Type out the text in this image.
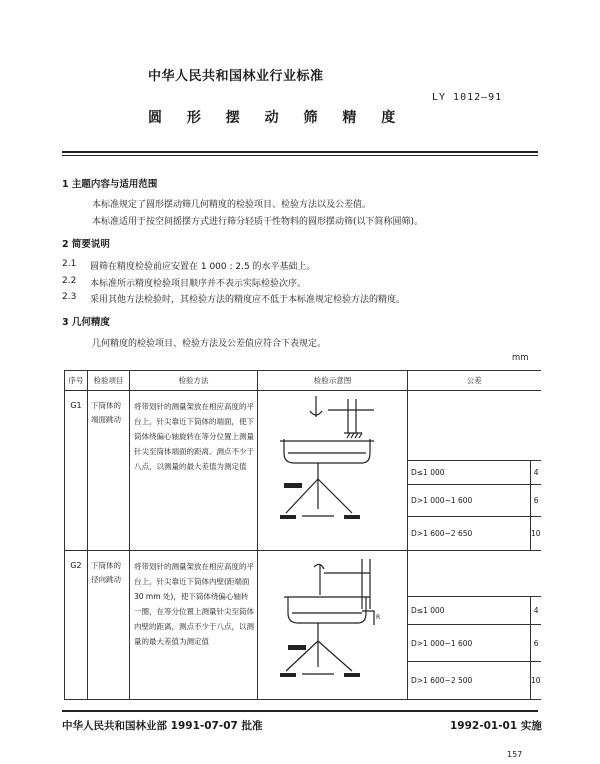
中华人民共和国林业行业标准
LY 1012—91
圆 形 摆 动 筛 精 度
1 主题内容与适用范围
本标准规定了圆形摆动筛几何精度的检验项目、检验方法以及公差值。
本标准适用于按空间摇摆方式进行筛分轻质干性物料的圆形摆动筛(以下简称圆筛)。
2 简要说明
2.1 圆筛在精度检验前应安置在 1 000 : 2.5 的水平基础上。
2.2 本标准所示精度检验项目顺序并不表示实际检验次序。
2.3 采用其他方法检验时，其检验方法的精度应不低于本标准规定检验方法的精度。
3 几何精度
几何精度的检验项目、检验方法及公差值应符合下表规定。
mm
序号	检验项目	检验方法	检验示意图	公差	
G1	下筒体的端面跳动	将带划针的测量架放在相应高度的平台上，针尖靠近下筒体的端面，使下筒体绕偏心轴旋转在等分位置上测量针尖至筒体端面的距离。测点不少于八点，以测量的最大差值为测定值		
				D≤1 000	4
				D>1 000~1 600	6
				D>1 600~2 650	10
G2	下筒体的径向跳动	将带划针的测量架放在相应高度的平台上，针尖靠近下筒体内壁(距端面 30 mm 处)，使下筒体绕偏心轴转一圈，在等分位置上测量针尖至筒体内壁的距离，测点不少于八点，以测量的最大差值为测定值	R		

				D≤1 000	4
				D>1 000~1 600	6
				D>1 600~2 500	10
中华人民共和国林业部 1991-07-07 批准	1992-01-01 实施
157
